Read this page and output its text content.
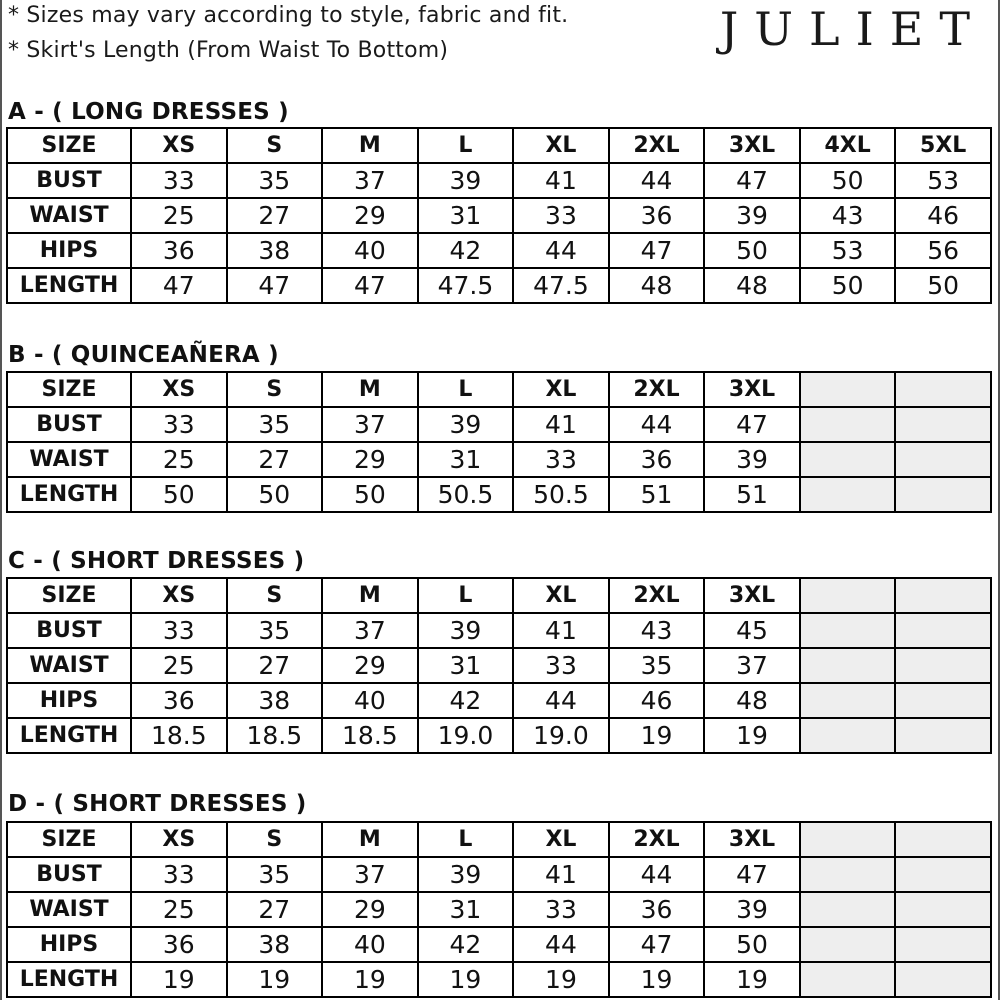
* Sizes may vary according to style, fabric and fit.
* Skirt's Length (From Waist To Bottom)	JULIET
A - ( LONG DRESSES )
SIZE	XS	S	M	L	XL	2XL	3XL	4XL	5XL
BUST	33	35	37	39	41	44	47	50	53
WAIST	25	27	29	31	33	36	39	43	46
HIPS	36	38	40	42	44	47	50	53	56
LENGTH	47	47	47	47.5	47.5	48	48	50	50
B - ( QUINCEAÑERA )
SIZE	XS	S	M	L	XL	2XL	3XL		
BUST	33	35	37	39	41	44	47		
WAIST	25	27	29	31	33	36	39		
LENGTH	50	50	50	50.5	50.5	51	51		
C - ( SHORT DRESSES )
SIZE	XS	S	M	L	XL	2XL	3XL		
BUST	33	35	37	39	41	43	45		
WAIST	25	27	29	31	33	35	37		
HIPS	36	38	40	42	44	46	48		
LENGTH	18.5	18.5	18.5	19.0	19.0	19	19		
D - ( SHORT DRESSES )
SIZE	XS	S	M	L	XL	2XL	3XL		
BUST	33	35	37	39	41	44	47		
WAIST	25	27	29	31	33	36	39		
HIPS	36	38	40	42	44	47	50		
LENGTH	19	19	19	19	19	19	19		
